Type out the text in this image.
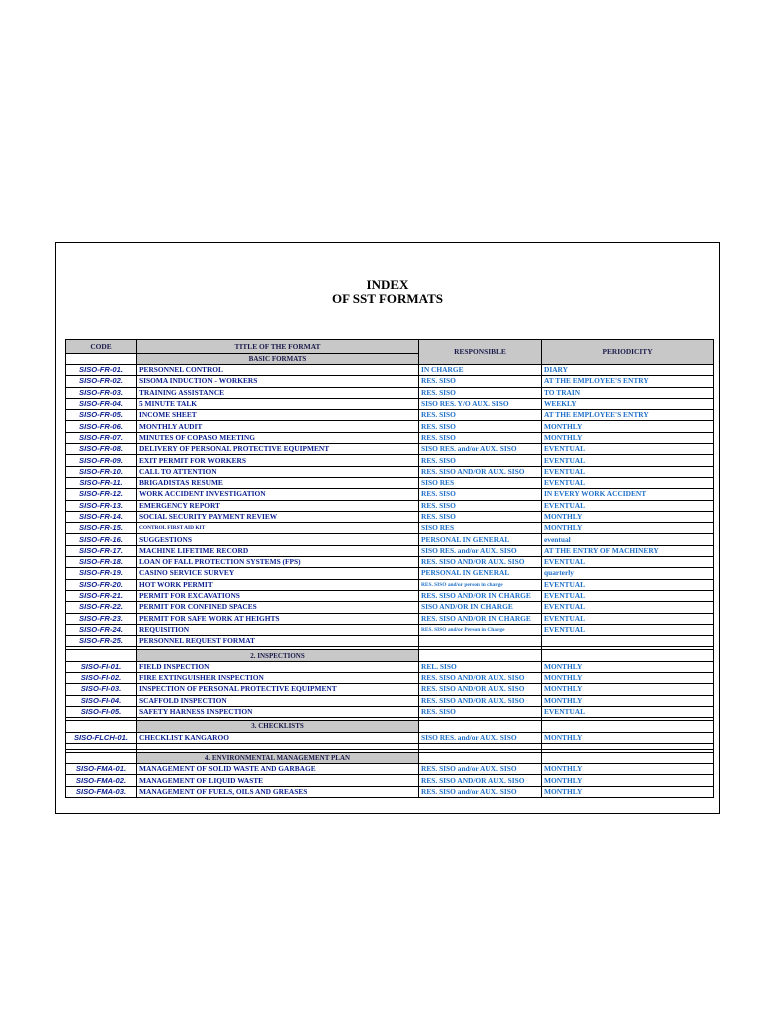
INDEX
OF SST FORMATS
CODE	TITLE OF THE FORMAT	RESPONSIBLE	PERIODICITY
	BASIC FORMATS		
SISO-FR-01.	PERSONNEL CONTROL	IN CHARGE	DIARY
SISO-FR-02.	SISOMA INDUCTION - WORKERS	RES. SISO	AT THE EMPLOYEE'S ENTRY
SISO-FR-03.	TRAINING ASSISTANCE	RES. SISO	TO TRAIN
SISO-FR-04.	5 MINUTE TALK	SISO RES. Y/O AUX. SISO	WEEKLY
SISO-FR-05.	INCOME SHEET	RES. SISO	AT THE EMPLOYEE'S ENTRY
SISO-FR-06.	MONTHLY AUDIT	RES. SISO	MONTHLY
SISO-FR-07.	MINUTES OF COPASO MEETING	RES. SISO	MONTHLY
SISO-FR-08.	DELIVERY OF PERSONAL PROTECTIVE EQUIPMENT	SISO RES. and/or AUX. SISO	EVENTUAL
SISO-FR-09.	EXIT PERMIT FOR WORKERS	RES. SISO	EVENTUAL
SISO-FR-10.	CALL TO ATTENTION	RES. SISO AND/OR AUX. SISO	EVENTUAL
SISO-FR-11.	BRIGADISTAS RESUME	SISO RES	EVENTUAL
SISO-FR-12.	WORK ACCIDENT INVESTIGATION	RES. SISO	IN EVERY WORK ACCIDENT
SISO-FR-13.	EMERGENCY REPORT	RES. SISO	EVENTUAL
SISO-FR-14.	SOCIAL SECURITY PAYMENT REVIEW	RES. SISO	MONTHLY
SISO-FR-15.	CONTROL FIRST AID KIT	SISO RES	MONTHLY
SISO-FR-16.	SUGGESTIONS	PERSONAL IN GENERAL	eventual
SISO-FR-17.	MACHINE LIFETIME RECORD	SISO RES. and/or AUX. SISO	AT THE ENTRY OF MACHINERY
SISO-FR-18.	LOAN OF FALL PROTECTION SYSTEMS (FPS)	RES. SISO AND/OR AUX. SISO	EVENTUAL
SISO-FR-19.	CASINO SERVICE SURVEY	PERSONAL IN GENERAL	quarterly
SISO-FR-20.	HOT WORK PERMIT	RES. SISO and/or person in charge	EVENTUAL
SISO-FR-21.	PERMIT FOR EXCAVATIONS	RES. SISO AND/OR IN CHARGE	EVENTUAL
SISO-FR-22.	PERMIT FOR CONFINED SPACES	SISO AND/OR IN CHARGE	EVENTUAL
SISO-FR-23.	PERMIT FOR SAFE WORK AT HEIGHTS	RES. SISO AND/OR IN CHARGE	EVENTUAL
SISO-FR-24.	REQUISITION	RES. SISO and/or Person in Charge	EVENTUAL
SISO-FR-25.	PERSONNEL REQUEST FORMAT		

	2. INSPECTIONS		
SISO-FI-01.	FIELD INSPECTION	REL. SISO	MONTHLY
SISO-FI-02.	FIRE EXTINGUISHER INSPECTION	RES. SISO AND/OR AUX. SISO	MONTHLY
SISO-FI-03.	INSPECTION OF PERSONAL PROTECTIVE EQUIPMENT	RES. SISO AND/OR AUX. SISO	MONTHLY
SISO-FI-04.	SCAFFOLD INSPECTION	RES. SISO AND/OR AUX. SISO	MONTHLY
SISO-FI-05.	SAFETY HARNESS INSPECTION	RES. SISO	EVENTUAL

	3. CHECKLISTS		
SISO-FLCH-01.	CHECKLIST KANGAROO	SISO RES. and/or AUX. SISO	MONTHLY

	4. ENVIRONMENTAL MANAGEMENT PLAN		
SISO-FMA-01.	MANAGEMENT OF SOLID WASTE AND GARBAGE	RES. SISO and/or AUX. SISO	MONTHLY
SISO-FMA-02.	MANAGEMENT OF LIQUID WASTE	RES. SISO AND/OR AUX. SISO	MONTHLY
SISO-FMA-03.	MANAGEMENT OF FUELS, OILS AND GREASES	RES. SISO and/or AUX. SISO	MONTHLY
